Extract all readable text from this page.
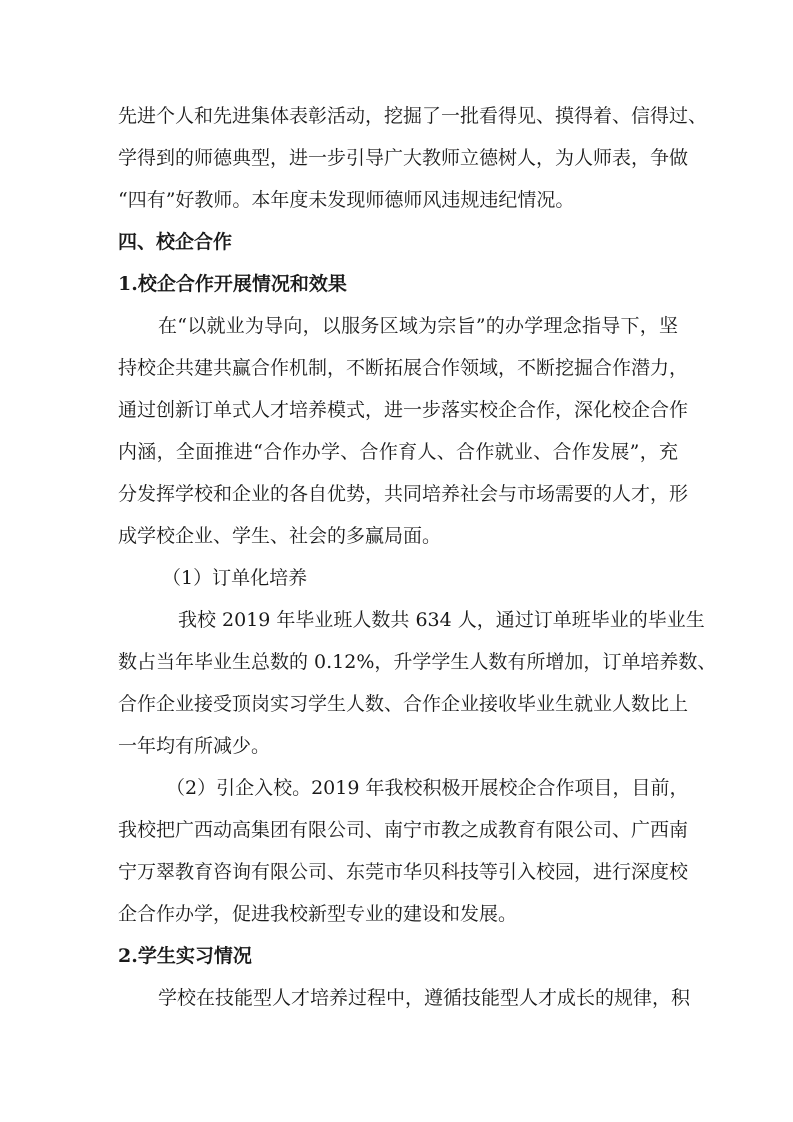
先进个人和先进集体表彰活动，挖掘了一批看得见、摸得着、信得过、
学得到的师德典型，进一步引导广大教师立德树人，为人师表，争做
“四有”好教师。本年度未发现师德师风违规违纪情况。
四、校企合作
1.校企合作开展情况和效果
在“以就业为导向，以服务区域为宗旨”的办学理念指导下，坚
持校企共建共赢合作机制，不断拓展合作领域，不断挖掘合作潜力，
通过创新订单式人才培养模式，进一步落实校企合作，深化校企合作
内涵，全面推进“合作办学、合作育人、合作就业、合作发展”，充
分发挥学校和企业的各自优势，共同培养社会与市场需要的人才，形
成学校企业、学生、社会的多赢局面。
（1）订单化培养
我校 2019 年毕业班人数共 634 人，通过订单班毕业的毕业生
数占当年毕业生总数的 0.12%，升学学生人数有所增加，订单培养数、
合作企业接受顶岗实习学生人数、合作企业接收毕业生就业人数比上
一年均有所减少。
（2）引企入校。2019 年我校积极开展校企合作项目，目前，
我校把广西动高集团有限公司、南宁市教之成教育有限公司、广西南
宁万翠教育咨询有限公司、东莞市华贝科技等引入校园，进行深度校
企合作办学，促进我校新型专业的建设和发展。
2.学生实习情况
学校在技能型人才培养过程中，遵循技能型人才成长的规律，积
